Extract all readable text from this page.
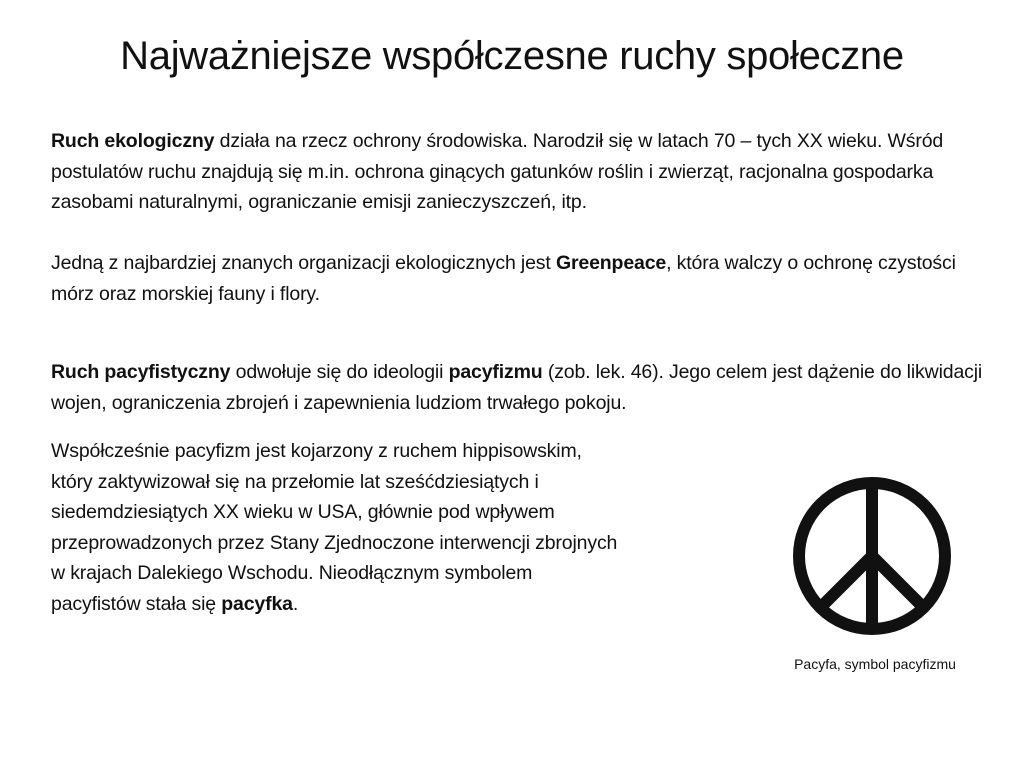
Najważniejsze współczesne ruchy społeczne

Ruch ekologiczny działa na rzecz ochrony środowiska. Narodził się w latach 70 – tych XX wieku. Wśród postulatów ruchu znajdują się m.in. ochrona ginących gatunków roślin i zwierząt, racjonalna gospodarka zasobami naturalnymi, ograniczanie emisji zanieczyszczeń, itp.

Jedną z najbardziej znanych organizacji ekologicznych jest Greenpeace, która walczy o ochronę czystości mórz oraz morskiej fauny i flory.

Ruch pacyfistyczny odwołuje się do ideologii pacyfizmu (zob. lek. 46). Jego celem jest dążenie do likwidacji wojen, ograniczenia zbrojeń i zapewnienia ludziom trwałego pokoju.

Współcześnie pacyfizm jest kojarzony z ruchem hippisowskim,
który zaktywizował się na przełomie lat sześćdziesiątych i
siedemdziesiątych XX wieku w USA, głównie pod wpływem
przeprowadzonych przez Stany Zjednoczone interwencji zbrojnych
w krajach Dalekiego Wschodu. Nieodłącznym symbolem
pacyfistów stała się pacyfka.

Pacyfa, symbol pacyfizmu
